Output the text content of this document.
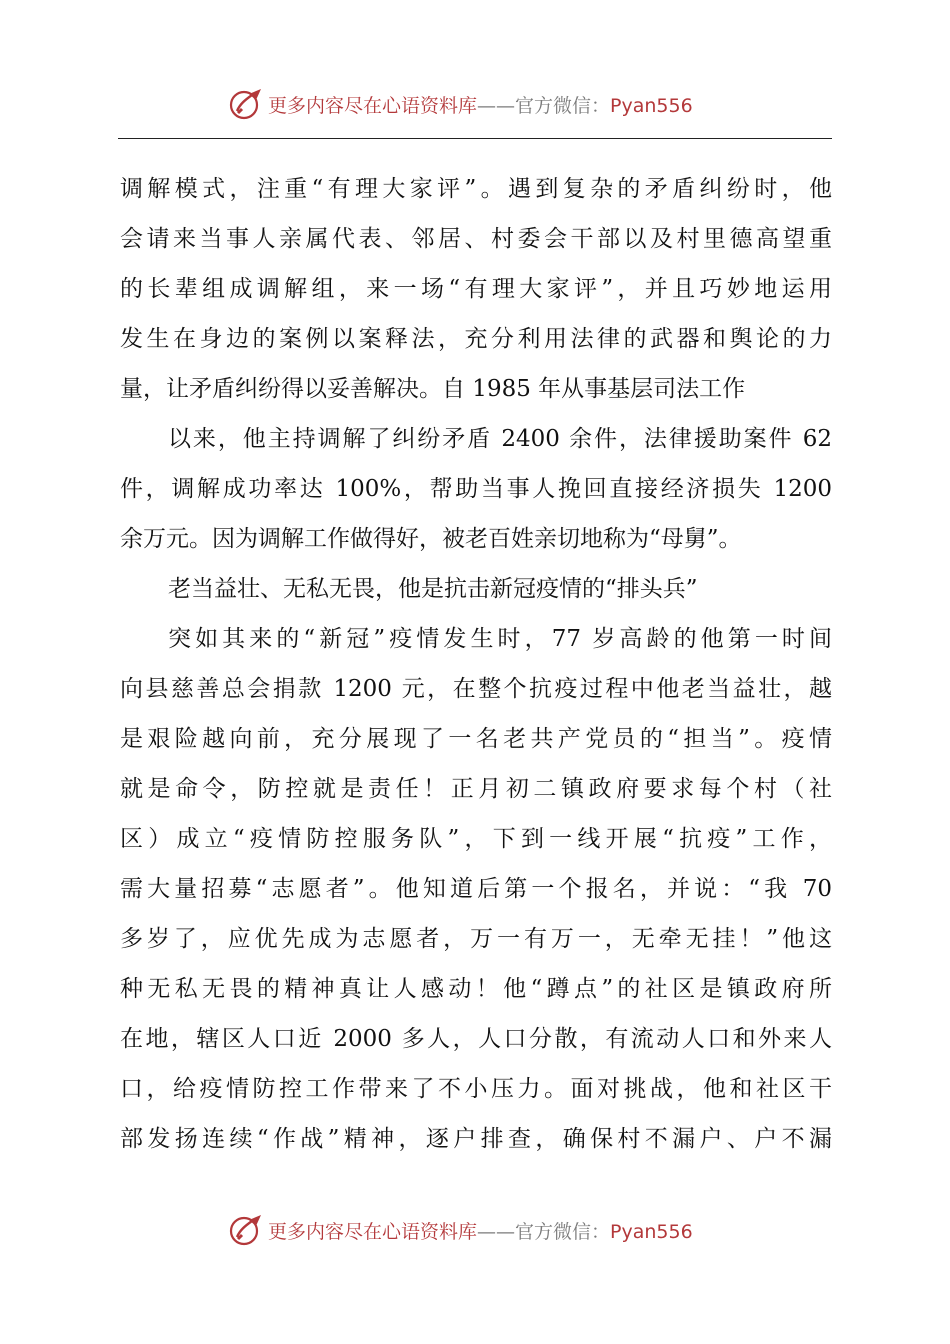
更多内容尽在心语资料库——官方微信：Pyan556
调解模式，注重“有理大家评”。遇到复杂的矛盾纠纷时，他
会请来当事人亲属代表、邻居、村委会干部以及村里德高望重
的长辈组成调解组，来一场“有理大家评”，并且巧妙地运用
发生在身边的案例以案释法，充分利用法律的武器和舆论的力
量，让矛盾纠纷得以妥善解决。自 1985 年从事基层司法工作
以来，他主持调解了纠纷矛盾 2400 余件，法律援助案件 62
件，调解成功率达 100%，帮助当事人挽回直接经济损失 1200
余万元。因为调解工作做得好，被老百姓亲切地称为“母舅”。
老当益壮、无私无畏，他是抗击新冠疫情的“排头兵”
突如其来的“新冠”疫情发生时，77 岁高龄的他第一时间
向县慈善总会捐款 1200 元，在整个抗疫过程中他老当益壮，越
是艰险越向前，充分展现了一名老共产党员的“担当”。疫情
就是命令，防控就是责任！正月初二镇政府要求每个村（社
区）成立“疫情防控服务队”，下到一线开展“抗疫”工作，
需大量招募“志愿者”。他知道后第一个报名，并说：“我 70
多岁了，应优先成为志愿者，万一有万一，无牵无挂！”他这
种无私无畏的精神真让人感动！他“蹲点”的社区是镇政府所
在地，辖区人口近 2000 多人，人口分散，有流动人口和外来人
口，给疫情防控工作带来了不小压力。面对挑战，他和社区干
部发扬连续“作战”精神，逐户排查，确保村不漏户、户不漏
更多内容尽在心语资料库——官方微信：Pyan556
